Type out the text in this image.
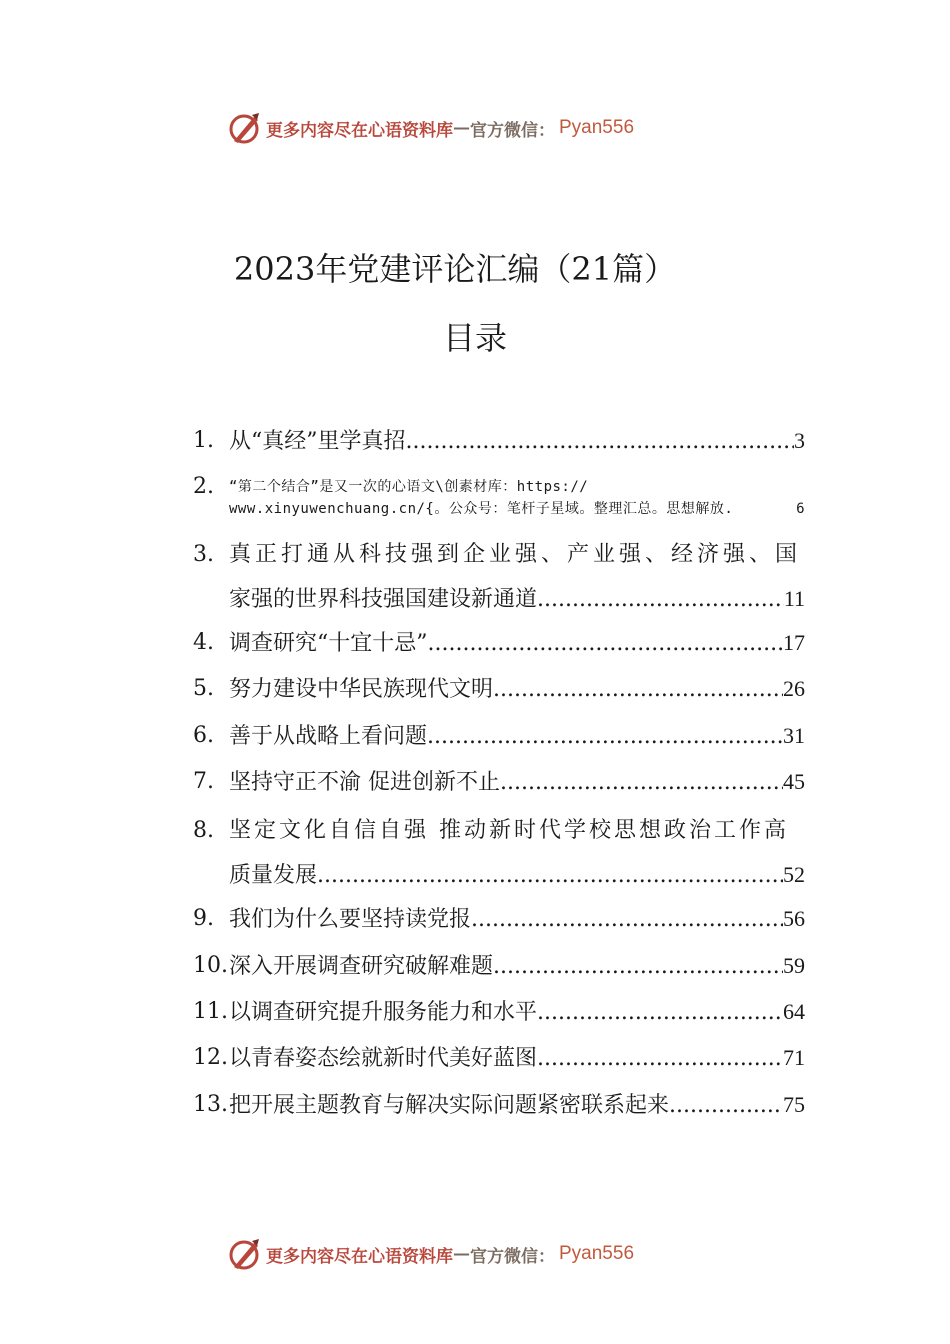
更多内容尽在心语资料库 — 官方微信： Pyan556
2023年党建评论汇编（21篇）
目录
1. 从“真经”里学真招 .....	3
2.	“第二个结合”是又一次的心语文\创素材库：https://
www.xinyuwenchuang.cn/{。公众号：笔杆子星域。整理汇总。思想解放.	6
3. 真正打通从科技强到企业强、产业强、经济强、国
家强的世界科技强国建设新通道 .....	11
4. 调查研究“十宜十忌” .....	17
5. 努力建设中华民族现代文明 .....	26
6. 善于从战略上看问题 .....	31
7. 坚持守正不渝 促进创新不止 .....	45
8. 坚定文化自信自强 推动新时代学校思想政治工作高
质量发展 .....	52
9. 我们为什么要坚持读党报 .....	56
10. 深入开展调查研究破解难题 .....	59
11. 以调查研究提升服务能力和水平 .....	64
12. 以青春姿态绘就新时代美好蓝图 .....	71
13. 把开展主题教育与解决实际问题紧密联系起来 .....	75
更多内容尽在心语资料库 — 官方微信： Pyan556
